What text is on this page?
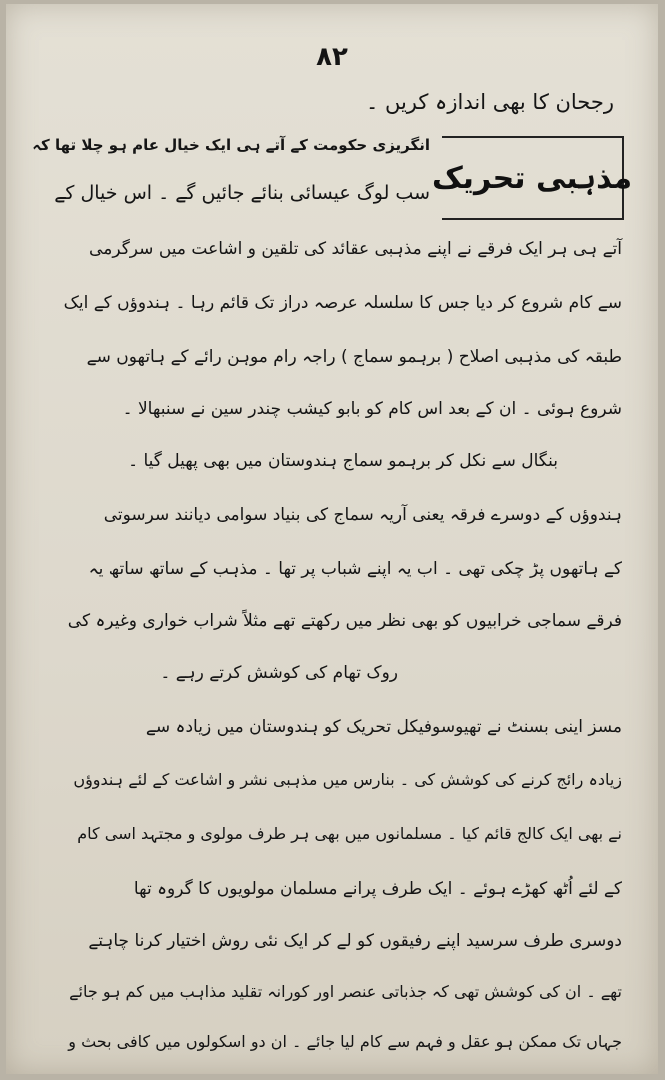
۸۲
رجحان کا بھی اندازہ کریں ۔
مذہبی تحریک
انگریزی حکومت کے آتے ہی ایک خیال عام ہو چلا تھا کہ
سب لوگ عیسائی بنائے جائیں گے ۔ اس خیال کے
آتے ہی ہر ایک فرقے نے اپنے مذہبی عقائد کی تلقین و اشاعت میں سرگرمی
سے کام شروع کر دیا جس کا سلسلہ عرصہ دراز تک قائم رہا ۔ ہندوؤں کے ایک
طبقہ کی مذہبی اصلاح ( برہمو سماج ) راجہ رام موہن رائے کے ہاتھوں سے
شروع ہوئی ۔ ان کے بعد اس کام کو بابو کیشب چندر سین نے سنبھالا ۔
بنگال سے نکل کر برہمو سماج ہندوستان میں بھی پھیل گیا ۔
ہندوؤں کے دوسرے فرقہ یعنی آریہ سماج کی بنیاد سوامی دیانند سرسوتی
کے ہاتھوں پڑ چکی تھی ۔ اب یہ اپنے شباب پر تھا ۔ مذہب کے ساتھ ساتھ یہ
فرقے سماجی خرابیوں کو بھی نظر میں رکھتے تھے مثلاً شراب خواری وغیرہ کی
روک تھام کی کوشش کرتے رہے ۔
مسز اینی بسنٹ نے تھیوسوفیکل تحریک کو ہندوستان میں زیادہ سے
زیادہ رائج کرنے کی کوشش کی ۔ بنارس میں مذہبی نشر و اشاعت کے لئے ہندوؤں
نے بھی ایک کالج قائم کیا ۔ مسلمانوں میں بھی ہر طرف مولوی و مجتہد اسی کام
کے لئے اُٹھ کھڑے ہوئے ۔ ایک طرف پرانے مسلمان مولویوں کا گروہ تھا
دوسری طرف سرسید اپنے رفیقوں کو لے کر ایک نئی روش اختیار کرنا چاہتے
تھے ۔ ان کی کوشش تھی کہ جذباتی عنصر اور کورانہ تقلید مذاہب میں کم ہو جائے
جہاں تک ممکن ہو عقل و فہم سے کام لیا جائے ۔ ان دو اسکولوں میں کافی بحث و
